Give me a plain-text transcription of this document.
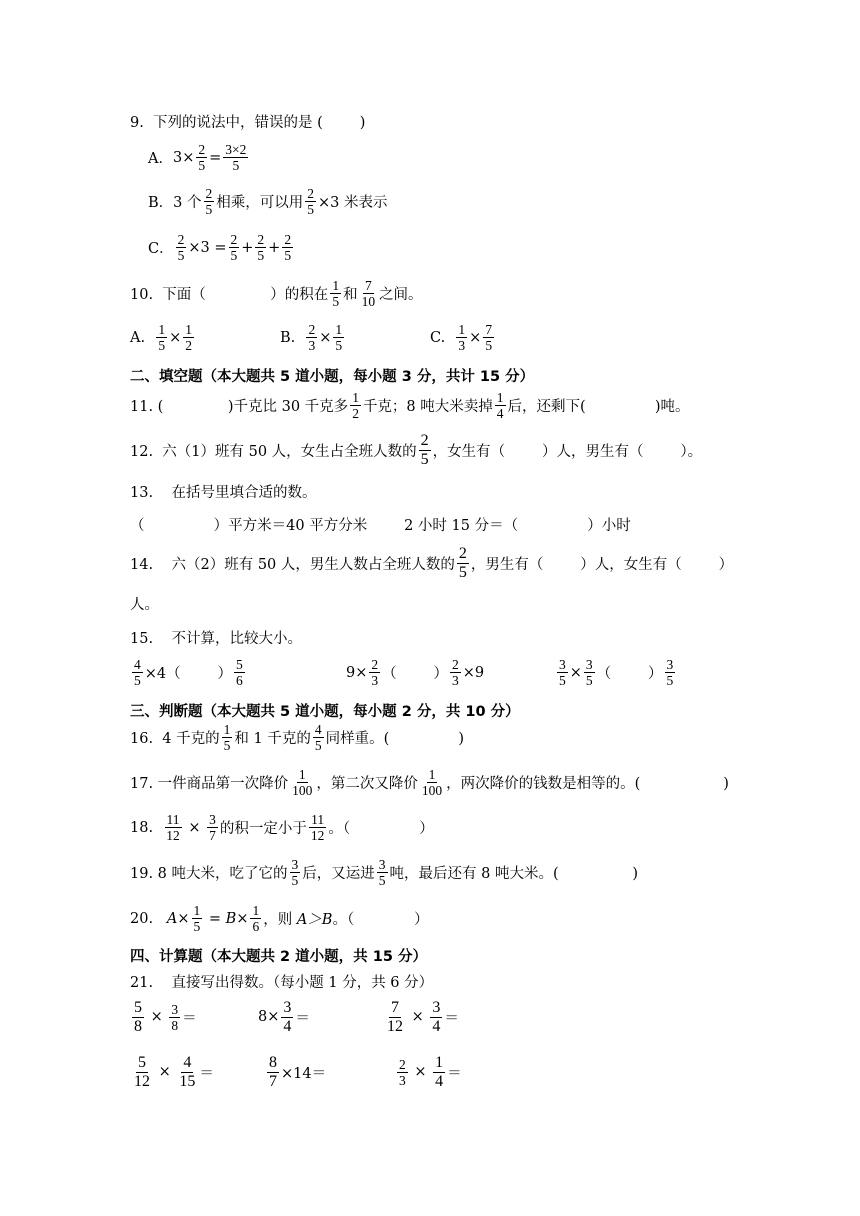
9.  下列的说法中，错误的是 (        )
A． $3\times \frac{2}{5} = \frac{3\times 2}{5}$
B． 3 个
2
5 相乘，可以用 $\frac{2}{5} \times 3$ 米表示
C． $\frac{2}{5} \times 3 = \frac{2}{5} + \frac{2}{5} + \frac{2}{5}$
10.  下面（              ）的积在
1
5 和
7
10 之间。
A.
$\frac{1}{5} \times \frac{1}{2}$	B.
$\frac{2}{3} \times \frac{1}{5}$	C.
$\frac{1}{3} \times \frac{7}{5}$
二、填空题（本大题共 5 道小题，每小题 3 分，共计 15 分）
11. (              )千克比 30 千克多
1
2 千克；8 吨大米卖掉
1
4 后，还剩下(               )吨。
12.  六（1）班有 50 人，女生占全班人数的
2
5 ，女生有（        ）人，男生有（        ）。
13.    在括号里填合适的数。
（               ）平方米＝40 平方分米        2 小时 15 分＝（               ）小时
14.    六（2）班有 50 人，男生人数占全班人数的
2
5 ，男生有（        ）人，女生有（        ）
人。
15.    不计算，比较大小。
$\frac{4}{5} \times 4$（        ）
5
6	$9\times \frac{2}{3}$ （        ） $\frac{2}{3} \times 9$	$\frac{3}{5} \times \frac{3}{5}$ （        ）
3
5
三、判断题（本大题共 5 道小题，每小题 2 分，共 10 分）
16.  4 千克的
1
5 和 1 千克的
4
5 同样重。(               )
17. 一件商品第一次降价
1
100 ，第二次又降价
1
100 ，两次降价的钱数是相等的。(                  )
18. $\frac{11}{12} \times \frac{3}{7}$ 的积一定小于
11
12 。（               ）
19. 8 吨大米，吃了它的
3
5 后，又运进
3
5 吨，最后还有 8 吨大米。(                )
20. $A \times \frac{1}{5} = B \times \frac{1}{6}$ ，则 A＞B 。（             ）
四、计算题（本大题共 2 道小题，共 15 分）
21.    直接写出得数。（每小题 1 分，共 6 分）
$\frac{5}{8} \times \frac{3}{8}$ ＝	$8\times \frac{3}{4}$ ＝	$\frac{7}{12} \times \frac{3}{4}$ ＝
$\frac{5}{12} \times \frac{4}{15}$ ＝	$\frac{8}{7} \times 14=$	$\frac{2}{3} \times \frac{1}{4}$ ＝
